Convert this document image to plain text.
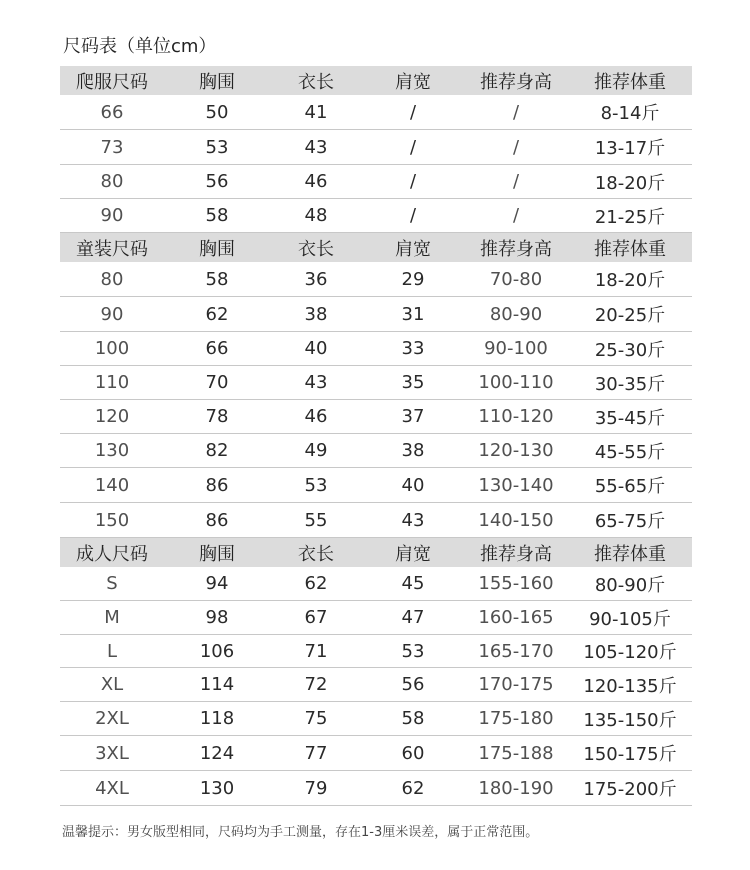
尺码表（单位cm）
爬服尺码	胸围	衣长	肩宽	推荐身高	推荐体重
66	50	41	/	/	8-14斤
73	53	43	/	/	13-17斤
80	56	46	/	/	18-20斤
90	58	48	/	/	21-25斤
童装尺码	胸围	衣长	肩宽	推荐身高	推荐体重
80	58	36	29	70-80	18-20斤
90	62	38	31	80-90	20-25斤
100	66	40	33	90-100	25-30斤
110	70	43	35	100-110	30-35斤
120	78	46	37	110-120	35-45斤
130	82	49	38	120-130	45-55斤
140	86	53	40	130-140	55-65斤
150	86	55	43	140-150	65-75斤
成人尺码	胸围	衣长	肩宽	推荐身高	推荐体重
S	94	62	45	155-160	80-90斤
M	98	67	47	160-165	90-105斤
L	106	71	53	165-170	105-120斤
XL	114	72	56	170-175	120-135斤
2XL	118	75	58	175-180	135-150斤
3XL	124	77	60	175-188	150-175斤
4XL	130	79	62	180-190	175-200斤
温馨提示：男女版型相同，尺码均为手工测量，存在1-3厘米误差，属于正常范围。
